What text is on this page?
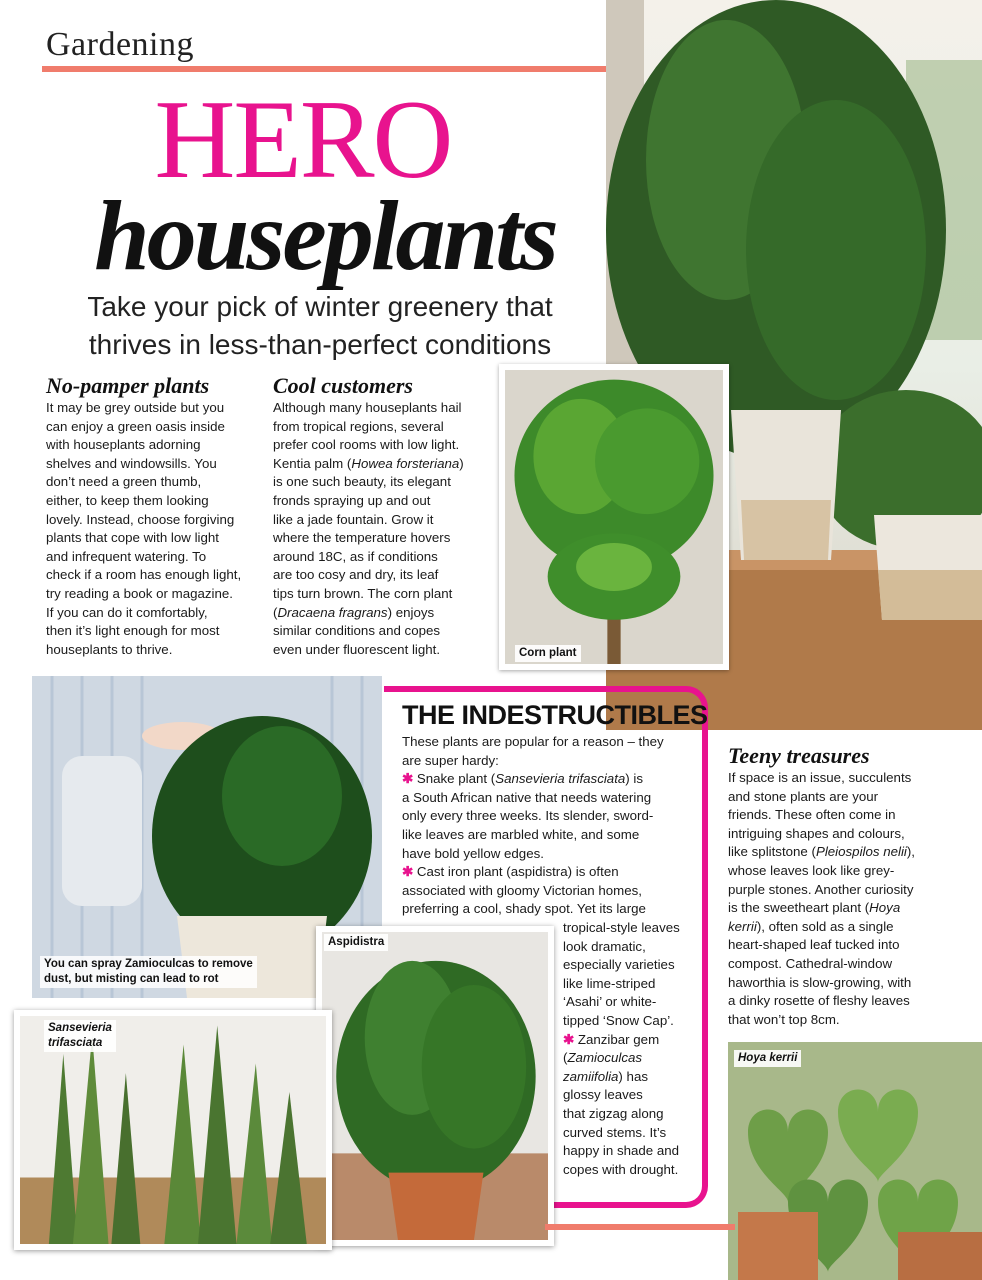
Gardening
HERO
houseplants
Take your pick of winter greenery that
thrives in less-than-perfect conditions
No-pamper plants
It may be grey outside but you
can enjoy a green oasis inside
with houseplants adorning
shelves and windowsills. You
don’t need a green thumb,
either, to keep them looking
lovely. Instead, choose forgiving
plants that cope with low light
and infrequent watering. To
check if a room has enough light,
try reading a book or magazine.
If you can do it comfortably,
then it’s light enough for most
houseplants to thrive.
Cool customers
Although many houseplants hail
from tropical regions, several
prefer cool rooms with low light.
Kentia palm (Howea forsteriana)
is one such beauty, its elegant
fronds spraying up and out
like a jade fountain. Grow it
where the temperature hovers
around 18C, as if conditions
are too cosy and dry, its leaf
tips turn brown. The corn plant
(Dracaena fragrans) enjoys
similar conditions and copes
even under fluorescent light.	Corn plant
You can spray Zamioculcas to remove
dust, but misting can lead to rot
THE INDESTRUCTIBLES
These plants are popular for a reason – they
are super hardy:
✱ Snake plant (Sansevieria trifasciata) is
a South African native that needs watering
only every three weeks. Its slender, sword-
like leaves are marbled white, and some
have bold yellow edges.
✱ Cast iron plant (aspidistra) is often
associated with gloomy Victorian homes,
preferring a cool, shady spot. Yet its large
tropical-style leaves
look dramatic,
especially varieties
like lime-striped
‘Asahi’ or white-
tipped ‘Snow Cap’.
✱ Zanzibar gem
(Zamioculcas
zamiifolia) has
glossy leaves
that zigzag along
curved stems. It’s
happy in shade and
copes with drought.
Aspidistra
Sansevieria
trifasciata
Teeny treasures
If space is an issue, succulents
and stone plants are your
friends. These often come in
intriguing shapes and colours,
like splitstone (Pleiospilos nelii),
whose leaves look like grey-
purple stones. Another curiosity
is the sweetheart plant (Hoya
kerrii), often sold as a single
heart-shaped leaf tucked into
compost. Cathedral-window
haworthia is slow-growing, with
a dinky rosette of fleshy leaves
that won’t top 8cm.
Hoya kerrii
